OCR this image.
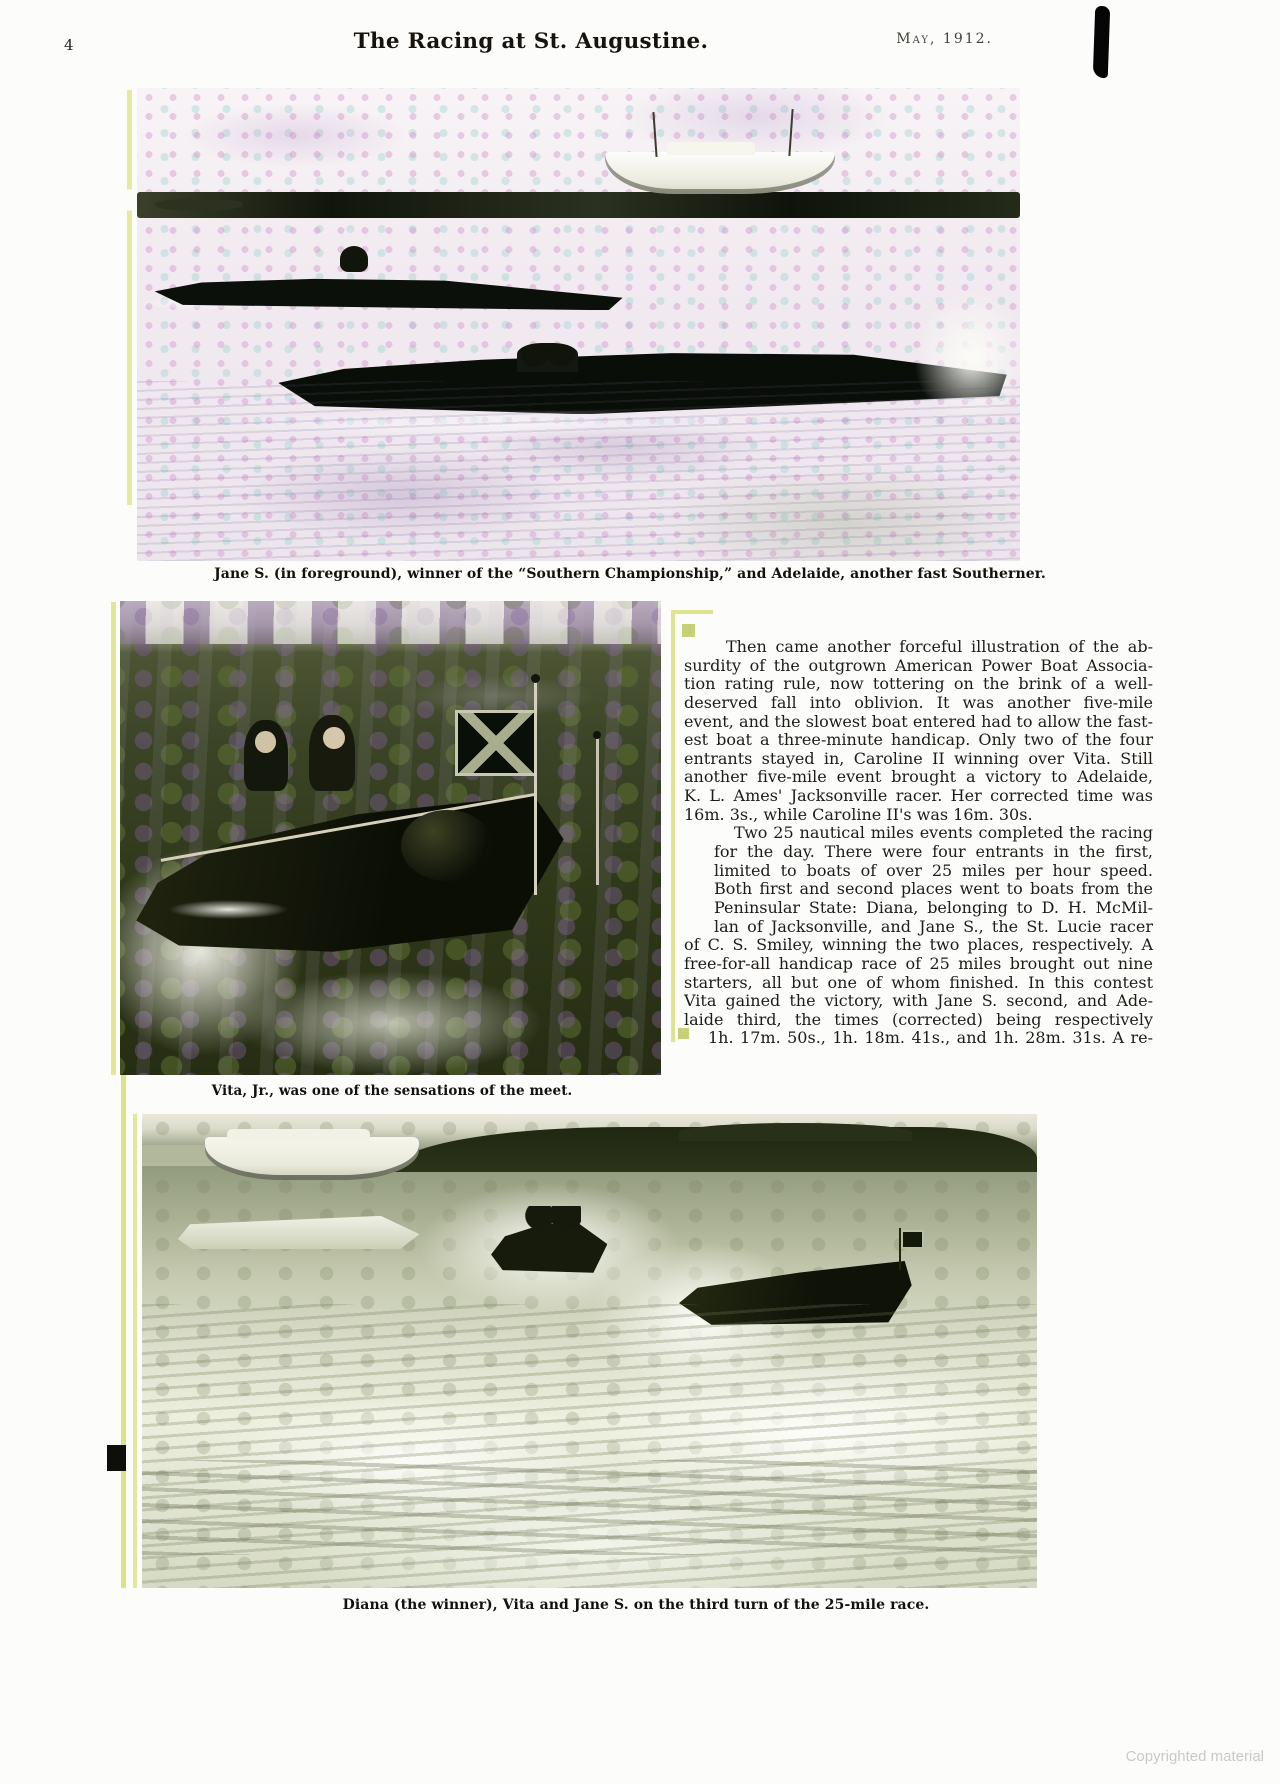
4	The Racing at St. Augustine.	May, 1912.
Jane S. (in foreground), winner of the “Southern Championship,” and Adelaide, another fast Southerner.
Vita, Jr., was one of the sensations of the meet.
Then came another forceful illustration of the ab-
surdity of the outgrown American Power Boat Associa-
tion rating rule, now tottering on the brink of a well-
deserved fall into oblivion. It was another five-mile
event, and the slowest boat entered had to allow the fast-
est boat a three-minute handicap. Only two of the four
entrants stayed in, Caroline II winning over Vita. Still
another five-mile event brought a victory to Adelaide,
K. L. Ames' Jacksonville racer. Her corrected time was
16m. 3s., while Caroline II's was 16m. 30s.
Two 25 nautical miles events completed the racing
for the day. There were four entrants in the first,
limited to boats of over 25 miles per hour speed.
Both first and second places went to boats from the
Peninsular State: Diana, belonging to D. H. McMil-
lan of Jacksonville, and Jane S., the St. Lucie racer
of C. S. Smiley, winning the two places, respectively. A
free-for-all handicap race of 25 miles brought out nine
starters, all but one of whom finished. In this contest
Vita gained the victory, with Jane S. second, and Ade-
laide third, the times (corrected) being respectively
1h. 17m. 50s., 1h. 18m. 41s., and 1h. 28m. 31s. A re-
Diana (the winner), Vita and Jane S. on the third turn of the 25-mile race.
Copyrighted material
